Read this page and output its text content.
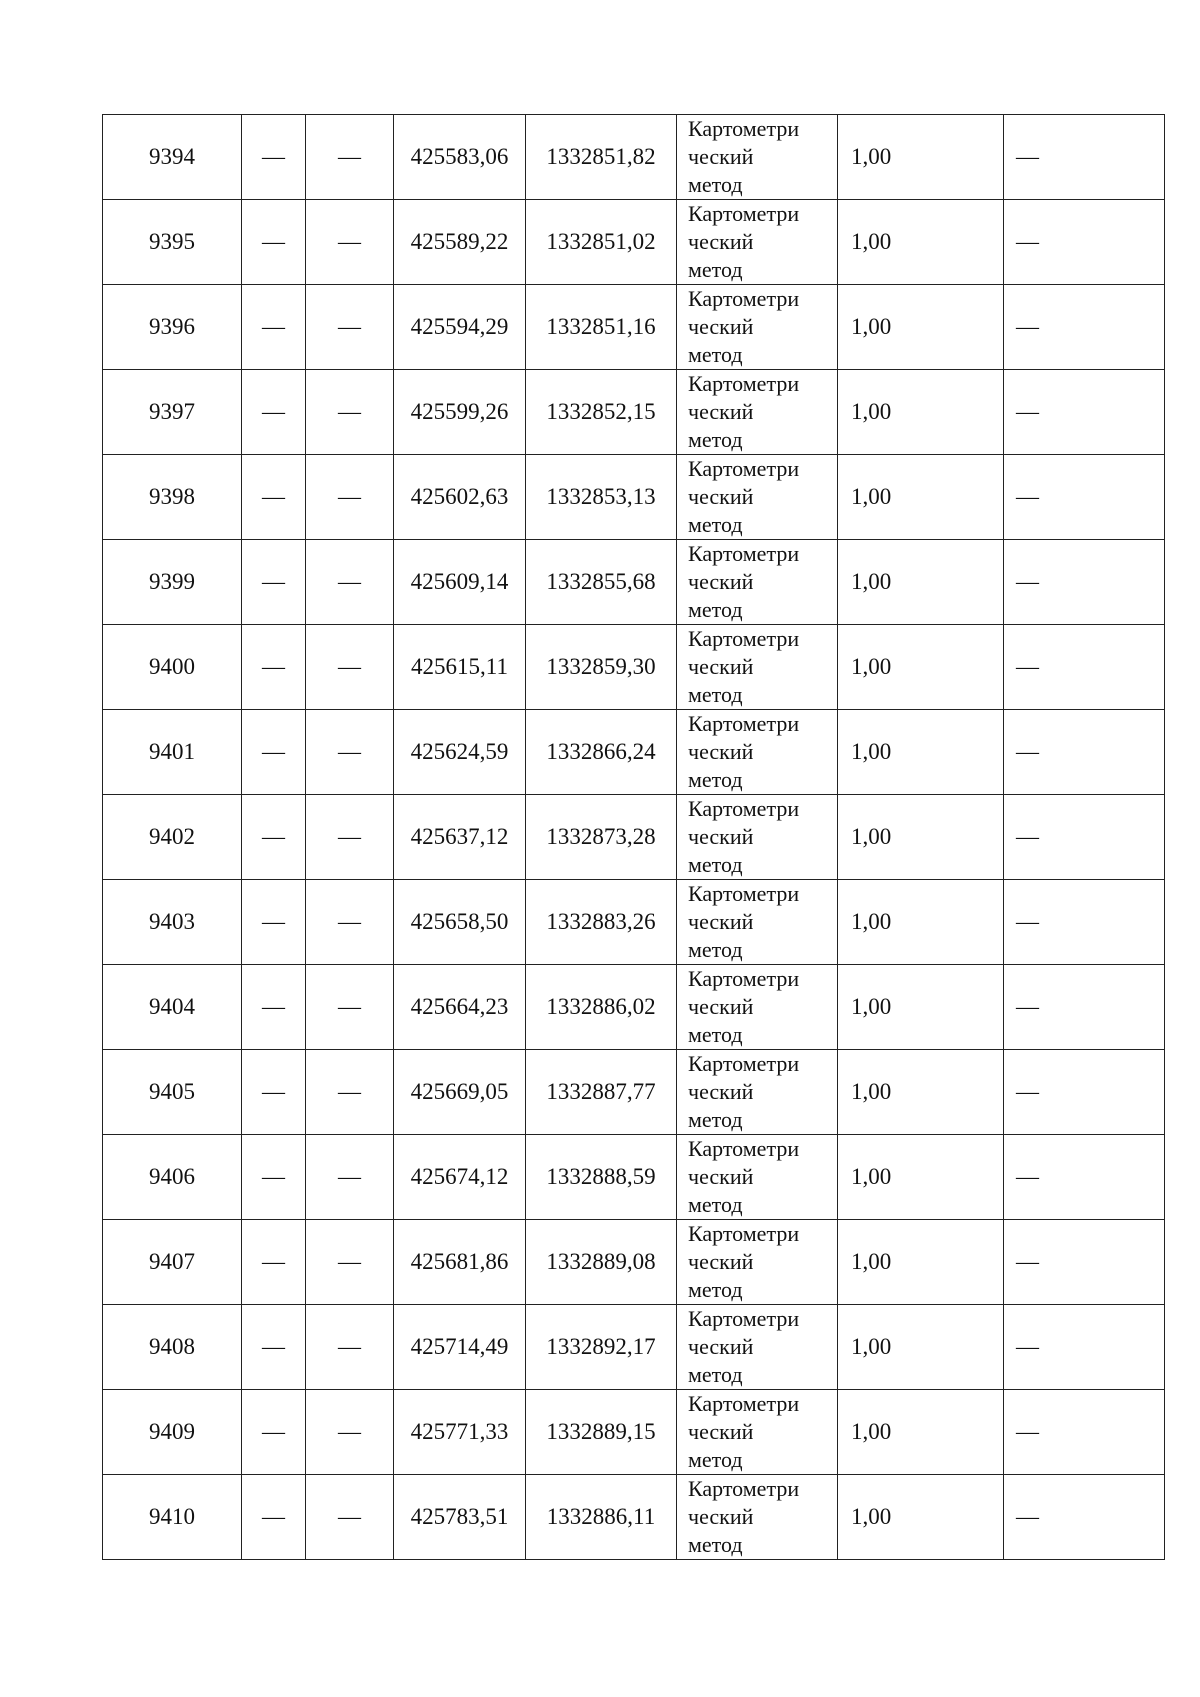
9394	—	—	425583,06	1332851,82	Картометри
ческий
метод	1,00	—
9395	—	—	425589,22	1332851,02	Картометри
ческий
метод	1,00	—
9396	—	—	425594,29	1332851,16	Картометри
ческий
метод	1,00	—
9397	—	—	425599,26	1332852,15	Картометри
ческий
метод	1,00	—
9398	—	—	425602,63	1332853,13	Картометри
ческий
метод	1,00	—
9399	—	—	425609,14	1332855,68	Картометри
ческий
метод	1,00	—
9400	—	—	425615,11	1332859,30	Картометри
ческий
метод	1,00	—
9401	—	—	425624,59	1332866,24	Картометри
ческий
метод	1,00	—
9402	—	—	425637,12	1332873,28	Картометри
ческий
метод	1,00	—
9403	—	—	425658,50	1332883,26	Картометри
ческий
метод	1,00	—
9404	—	—	425664,23	1332886,02	Картометри
ческий
метод	1,00	—
9405	—	—	425669,05	1332887,77	Картометри
ческий
метод	1,00	—
9406	—	—	425674,12	1332888,59	Картометри
ческий
метод	1,00	—
9407	—	—	425681,86	1332889,08	Картометри
ческий
метод	1,00	—
9408	—	—	425714,49	1332892,17	Картометри
ческий
метод	1,00	—
9409	—	—	425771,33	1332889,15	Картометри
ческий
метод	1,00	—
9410	—	—	425783,51	1332886,11	Картометри
ческий
метод	1,00	—
